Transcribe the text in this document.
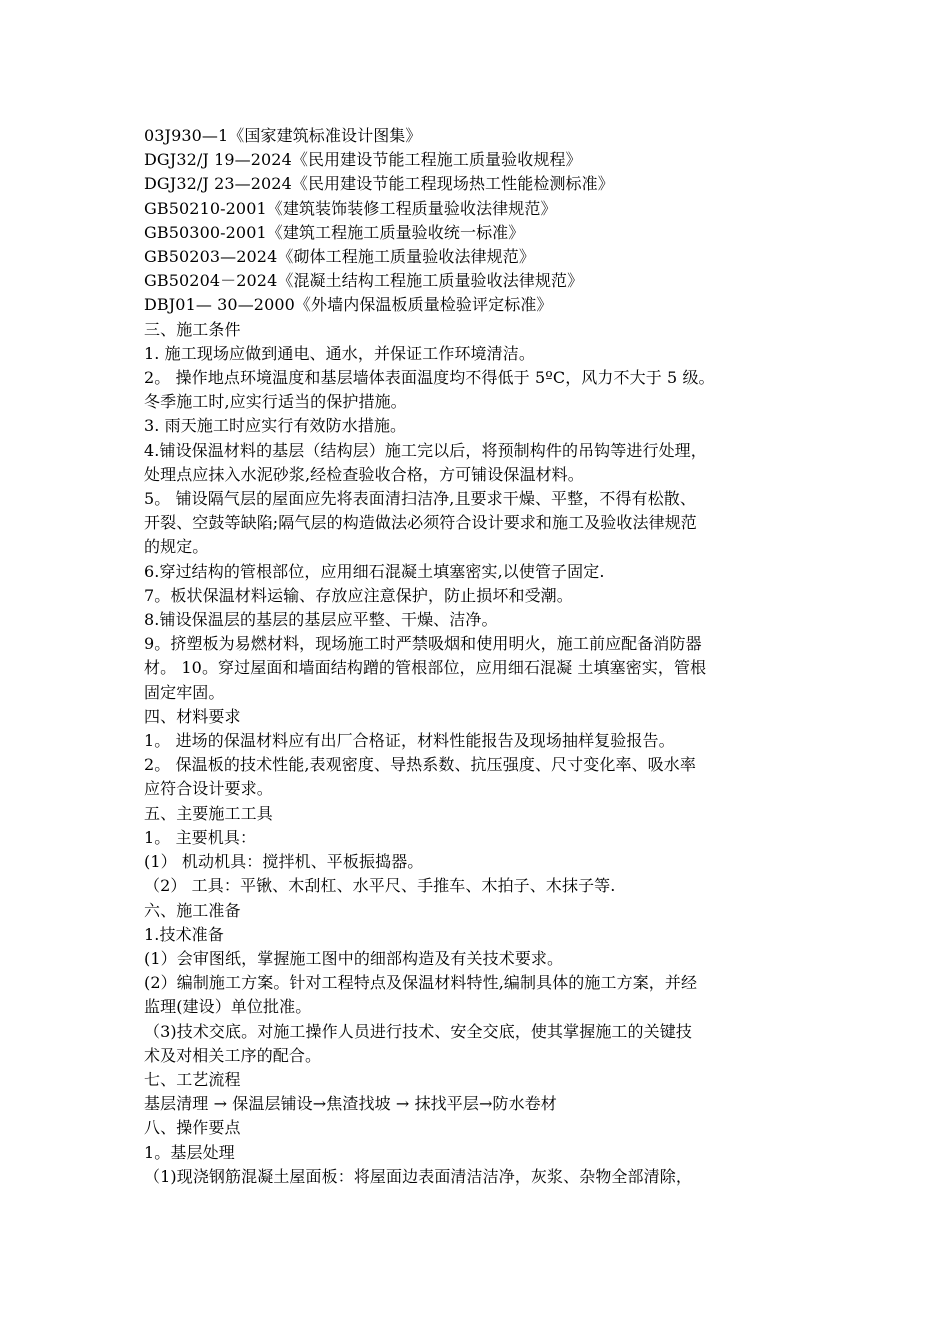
03J930—1《国家建筑标准设计图集》

DGJ32/J 19—2024《民用建设节能工程施工质量验收规程》

DGJ32/J 23—2024《民用建设节能工程现场热工性能检测标准》

GB50210-2001《建筑装饰装修工程质量验收法律规范》

GB50300-2001《建筑工程施工质量验收统一标准》

GB50203—2024《砌体工程施工质量验收法律规范》

GB50204－2024《混凝土结构工程施工质量验收法律规范》

DBJ01— 30—2000《外墙内保温板质量检验评定标准》

三、施工条件

1. 施工现场应做到通电、通水，并保证工作环境清洁。

2。 操作地点环境温度和基层墙体表面温度均不得低于 5ºC，风力不大于 5 级。

冬季施工时,应实行适当的保护措施。

3. 雨天施工时应实行有效防水措施。

4.铺设保温材料的基层（结构层）施工完以后，将预制构件的吊钩等进行处理，

处理点应抹入水泥砂浆,经检查验收合格，方可铺设保温材料。

5。 铺设隔气层的屋面应先将表面清扫洁净,且要求干燥、平整，不得有松散、

开裂、空鼓等缺陷;隔气层的构造做法必须符合设计要求和施工及验收法律规范

的规定。

6.穿过结构的管根部位，应用细石混凝土填塞密实,以使管子固定.

7。板状保温材料运输、存放应注意保护，防止损坏和受潮。

8.铺设保温层的基层的基层应平整、干燥、洁净。

9。挤塑板为易燃材料，现场施工时严禁吸烟和使用明火，施工前应配备消防器

材。 10。穿过屋面和墙面结构蹭的管根部位，应用细石混凝 土填塞密实，管根

固定牢固。

四、材料要求

1。 进场的保温材料应有出厂合格证，材料性能报告及现场抽样复验报告。

2。 保温板的技术性能,表观密度、导热系数、抗压强度、尺寸变化率、吸水率

应符合设计要求。

五、主要施工工具

1。 主要机具：

(1） 机动机具：搅拌机、平板振捣器。

（2） 工具：平锹、木刮杠、水平尺、手推车、木拍子、木抹子等.

六、施工准备

1.技术准备

(1）会审图纸，掌握施工图中的细部构造及有关技术要求。

(2）编制施工方案。针对工程特点及保温材料特性,编制具体的施工方案，并经

监理(建设）单位批准。

（3)技术交底。对施工操作人员进行技术、安全交底，使其掌握施工的关键技

术及对相关工序的配合。

七、工艺流程

基层清理 → 保温层铺设→焦渣找坡 → 抹找平层→防水卷材

八、操作要点

1。基层处理

（1)现浇钢筋混凝土屋面板：将屋面边表面清洁洁净，灰浆、杂物全部清除，
